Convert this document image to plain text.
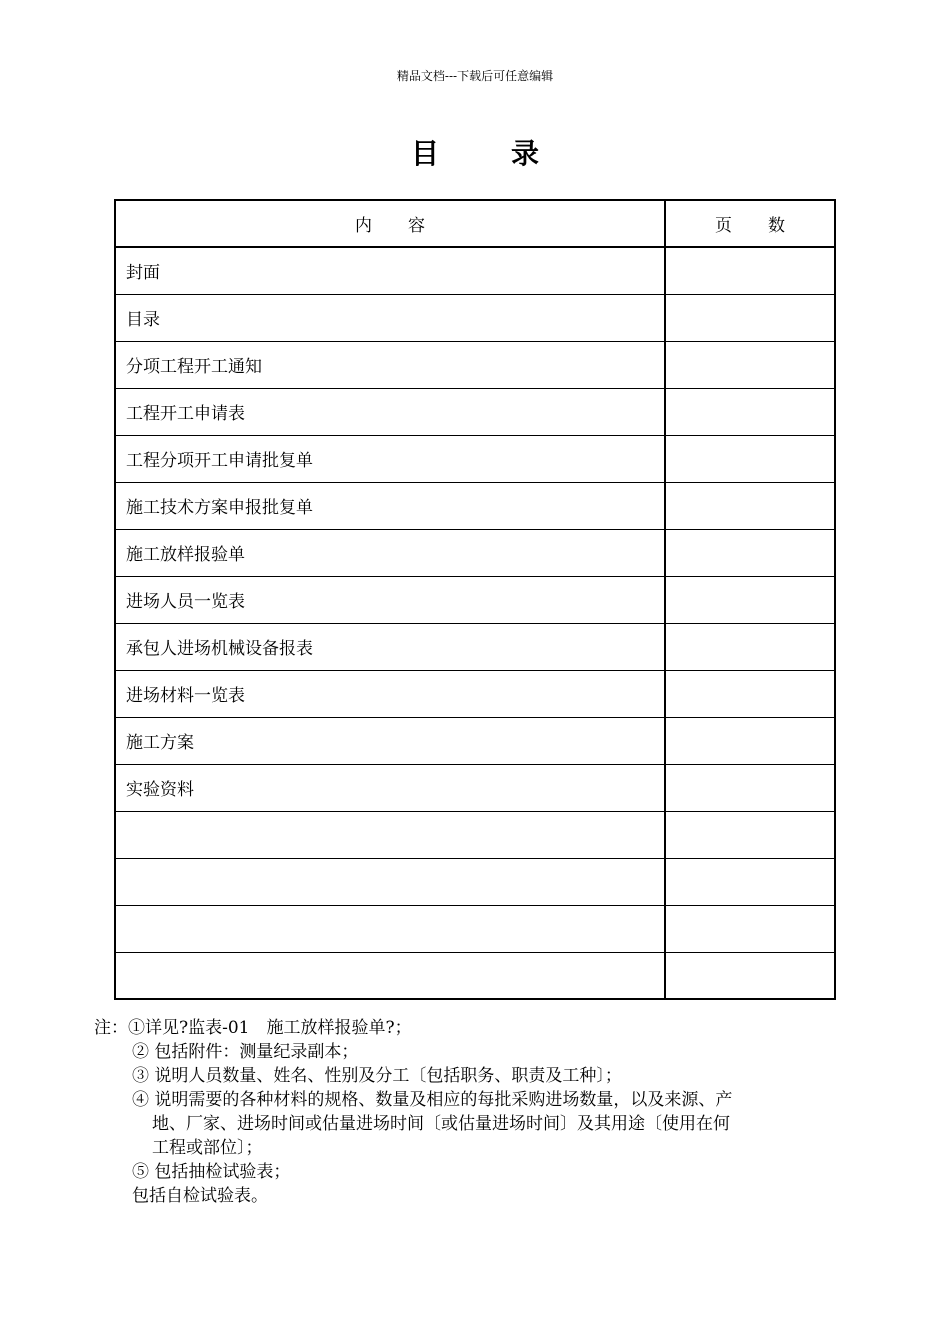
精品文档---下载后可任意编辑
目	录
内 容	页 数
封面	
目录	
分项工程开工通知	
工程开工申请表	
工程分项开工申请批复单	
施工技术方案申报批复单	
施工放样报验单	
进场人员一览表	
承包人进场机械设备报表	
进场材料一览表	
施工方案	
实验资料	

注：①详见?监表-01　施工放样报验单?；
② 包括附件：测量纪录副本；
③ 说明人员数量、姓名、性别及分工〔包括职务、职责及工种〕；
④ 说明需要的各种材料的规格、数量及相应的每批采购进场数量，以及来源、产
地、厂家、进场时间或估量进场时间〔或估量进场时间〕及其用途〔使用在何
工程或部位〕；
⑤ 包括抽检试验表；
包括自检试验表。
